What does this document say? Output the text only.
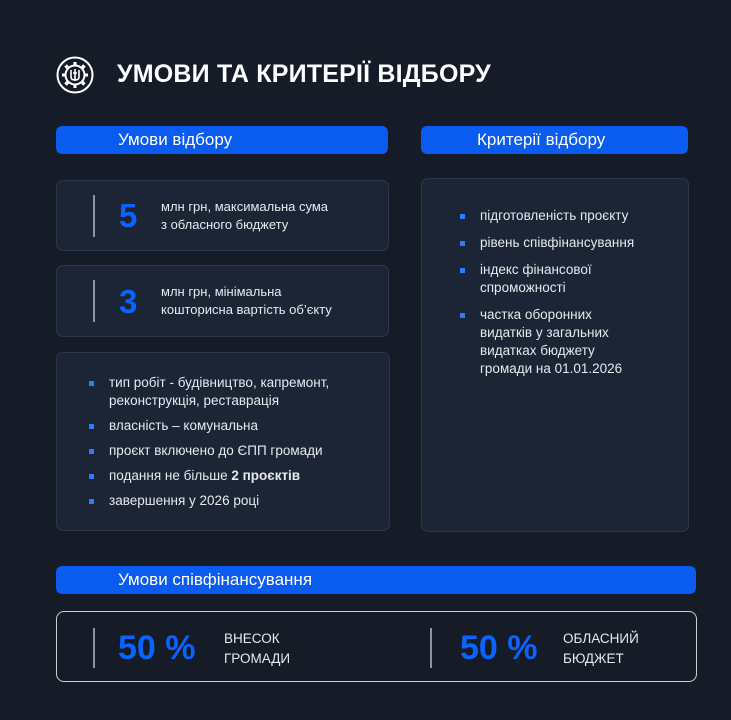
УМОВИ ТА КРИТЕРІЇ ВІДБОРУ
Умови відбору	Критерії відбору
5 млн грн, максимальна сума
з обласного бюджету
3 млн грн, мінімальна
кошторисна вартість об’єкту
тип робіт - будівництво, капремонт,
реконструкція, реставрація
власність – комунальна
проєкт включено до ЄПП громади
подання не більше 2 проєктів
завершення у 2026 році
підготовленість проєкту
рівень співфінансування
індекс фінансової
спроможності
частка оборонних
видатків у загальних
видатках бюджету
громади на 01.01.2026
Умови співфінансування
50 % ВНЕСОК
ГРОМАДИ	50 % ОБЛАСНИЙ
БЮДЖЕТ
